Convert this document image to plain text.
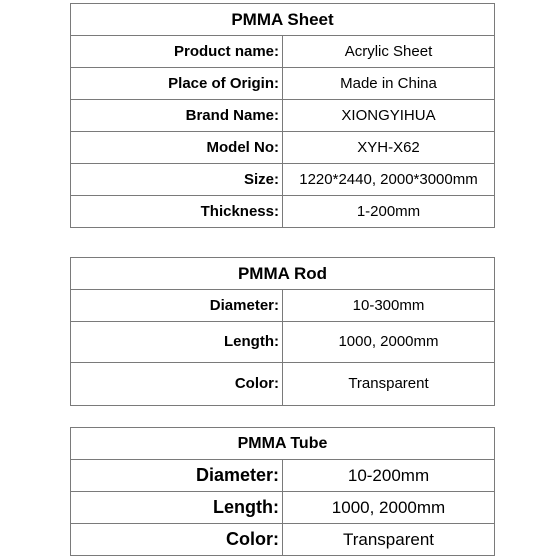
PMMA Sheet	
Product name:	Acrylic Sheet
Place of Origin:	Made in China
Brand Name:	XIONGYIHUA
Model No:	XYH-X62
Size:	1220*2440, 2000*3000mm
Thickness:	1-200mm
PMMA Rod	
Diameter:	10-300mm
Length:	1000, 2000mm
Color:	Transparent
PMMA Tube	
Diameter:	10-200mm
Length:	1000, 2000mm
Color:	Transparent
